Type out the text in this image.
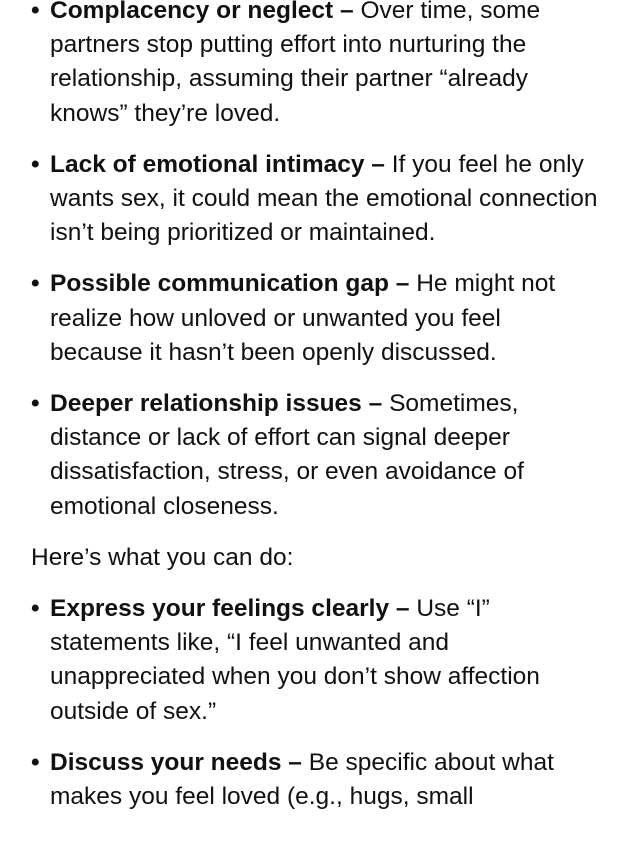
• Complacency or neglect – Over time, some partners stop putting effort into nurturing the relationship, assuming their partner “already knows” they’re loved.
• Lack of emotional intimacy – If you feel he only wants sex, it could mean the emotional connection isn’t being prioritized or maintained.
• Possible communication gap – He might not realize how unloved or unwanted you feel because it hasn’t been openly discussed.
• Deeper relationship issues – Sometimes, distance or lack of effort can signal deeper dissatisfaction, stress, or even avoidance of emotional closeness.

Here’s what you can do:

• Express your feelings clearly – Use “I” statements like, “I feel unwanted and unappreciated when you don’t show affection outside of sex.”
• Discuss your needs – Be specific about what makes you feel loved (e.g., hugs, small
